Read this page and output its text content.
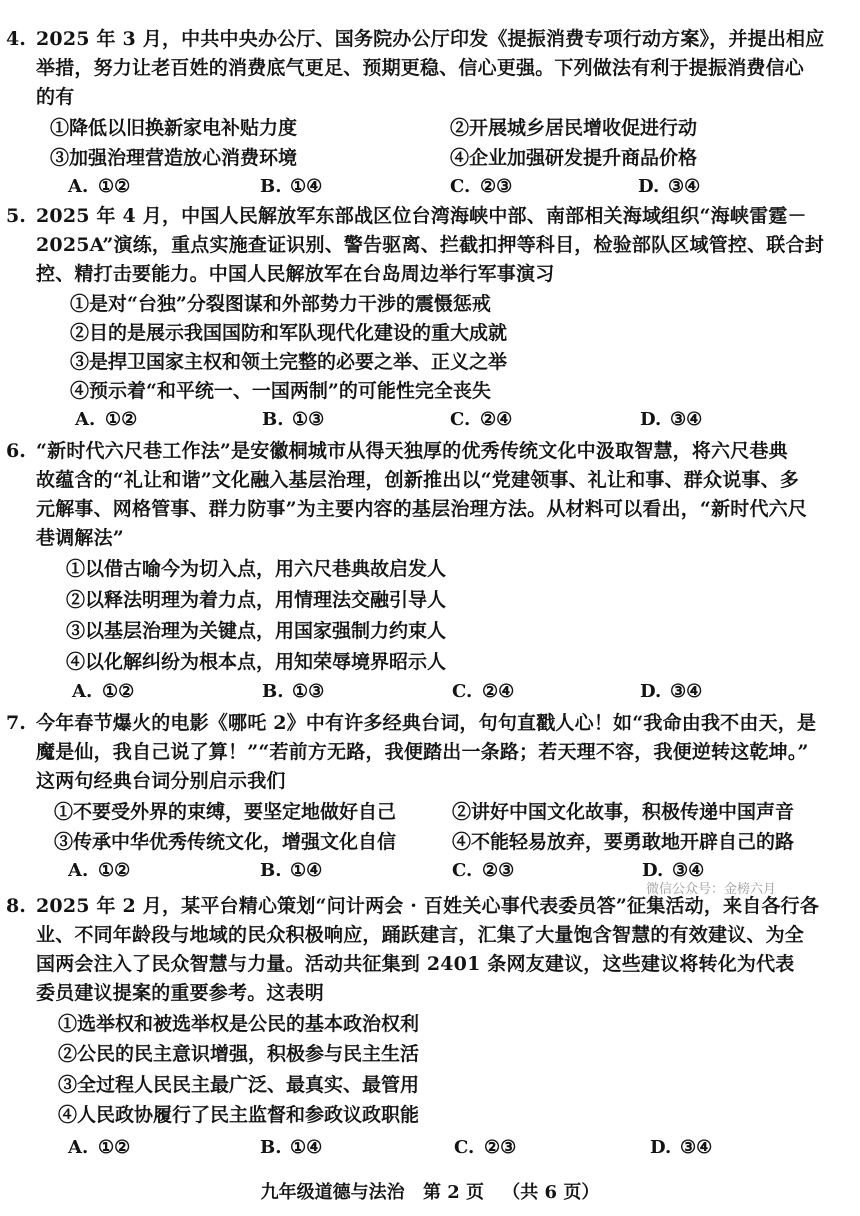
4. 2025 年 3 月，中共中央办公厅、国务院办公厅印发《提振消费专项行动方案》，并提出相应
举措，努力让老百姓的消费底气更足、预期更稳、信心更强。下列做法有利于提振消费信心
的有
①降低以旧换新家电补贴力度	②开展城乡居民增收促进行动
③加强治理营造放心消费环境	④企业加强研发提升商品价格
A. ①②	B. ①④	C. ②③	D. ③④
5. 2025 年 4 月，中国人民解放军东部战区位台湾海峡中部、南部相关海域组织“海峡雷霆－
2025A”演练，重点实施查证识别、警告驱离、拦截扣押等科目，检验部队区域管控、联合封
控、精打击要能力。中国人民解放军在台岛周边举行军事演习
①是对“台独”分裂图谋和外部势力干涉的震慑惩戒
②目的是展示我国国防和军队现代化建设的重大成就
③是捍卫国家主权和领土完整的必要之举、正义之举
④预示着“和平统一、一国两制”的可能性完全丧失
A. ①②	B. ①③	C. ②④	D. ③④
6. “新时代六尺巷工作法”是安徽桐城市从得天独厚的优秀传统文化中汲取智慧，将六尺巷典
故蕴含的“礼让和谐”文化融入基层治理，创新推出以“党建领事、礼让和事、群众说事、多
元解事、网格管事、群力防事”为主要内容的基层治理方法。从材料可以看出，“新时代六尺
巷调解法”
①以借古喻今为切入点，用六尺巷典故启发人
②以释法明理为着力点，用情理法交融引导人
③以基层治理为关键点，用国家强制力约束人
④以化解纠纷为根本点，用知荣辱境界昭示人
A. ①②	B. ①③	C. ②④	D. ③④
7. 今年春节爆火的电影《哪吒 2》中有许多经典台词，句句直戳人心！如“我命由我不由天，是
魔是仙，我自己说了算！”“若前方无路，我便踏出一条路；若天理不容，我便逆转这乾坤。”
这两句经典台词分别启示我们
①不要受外界的束缚，要坚定地做好自己	②讲好中国文化故事，积极传递中国声音
③传承中华优秀传统文化，增强文化自信	④不能轻易放弃，要勇敢地开辟自己的路
A. ①②	B. ①④	C. ②③	D. ③④
微信公众号：金榜六月
8. 2025 年 2 月，某平台精心策划“问计两会 · 百姓关心事代表委员答”征集活动，来自各行各
业、不同年龄段与地域的民众积极响应，踊跃建言，汇集了大量饱含智慧的有效建议、为全
国两会注入了民众智慧与力量。活动共征集到 2401 条网友建议，这些建议将转化为代表
委员建议提案的重要参考。这表明
①选举权和被选举权是公民的基本政治权利
②公民的民主意识增强，积极参与民主生活
③全过程人民民主最广泛、最真实、最管用
④人民政协履行了民主监督和参政议政职能
A. ①②	B. ①④	C. ②③	D. ③④
九年级道德与法治 第 2 页 （共 6 页）
